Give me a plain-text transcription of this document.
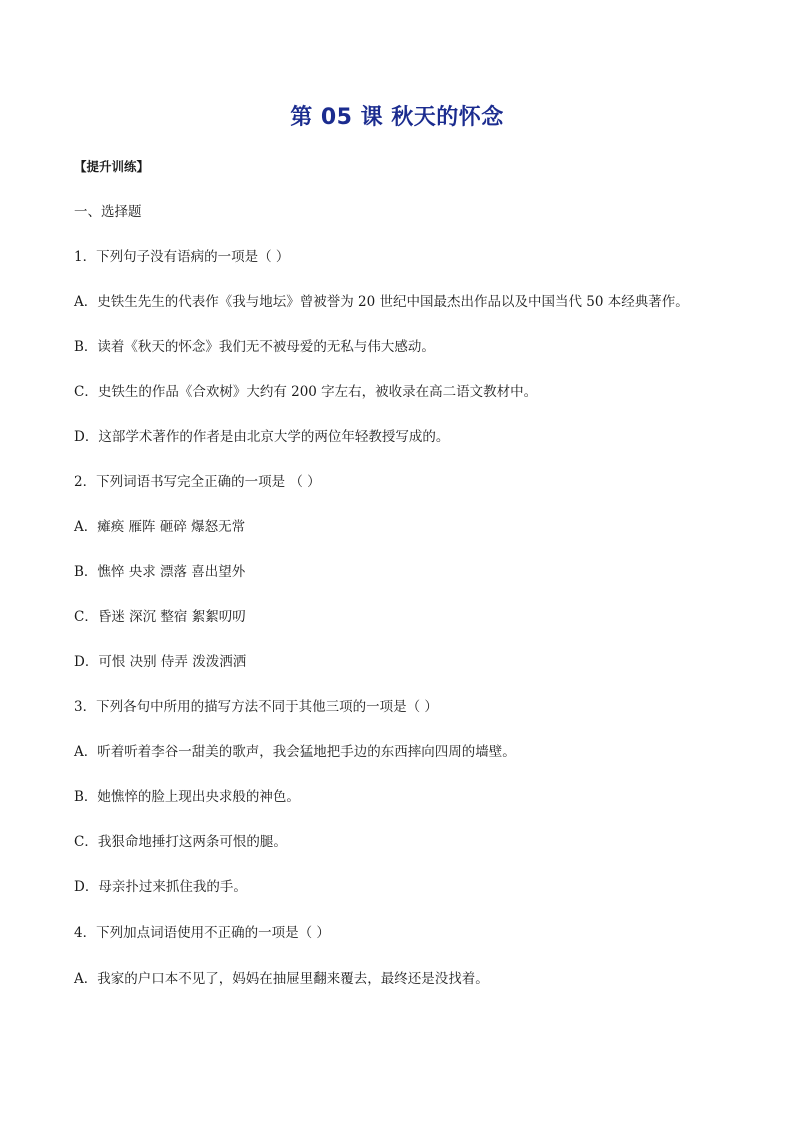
第 05 课 秋天的怀念
【提升训练】
一、选择题
1．下列句子没有语病的一项是（ ）
A．史铁生先生的代表作《我与地坛》曾被誉为 20 世纪中国最杰出作品以及中国当代 50 本经典著作。
B．读着《秋天的怀念》我们无不被母爱的无私与伟大感动。
C．史铁生的作品《合欢树》大约有 200 字左右，被收录在高二语文教材中。
D．这部学术著作的作者是由北京大学的两位年轻教授写成的。
2．下列词语书写完全正确的一项是 （ ）
A．瘫痪 雁阵 砸碎 爆怒无常
B．憔悴 央求 漂落 喜出望外
C．昏迷 深沉 整宿 絮絮叨叨
D．可恨 决别 侍弄 泼泼洒洒
3．下列各句中所用的描写方法不同于其他三项的一项是（ ）
A．听着听着李谷一甜美的歌声，我会猛地把手边的东西摔向四周的墙壁。
B．她憔悴的脸上现出央求般的神色。
C．我狠命地捶打这两条可恨的腿。
D．母亲扑过来抓住我的手。
4．下列加点词语使用不正确的一项是（ ）
A．我家的户口本不见了，妈妈在抽屉里翻来覆去，最终还是没找着。
